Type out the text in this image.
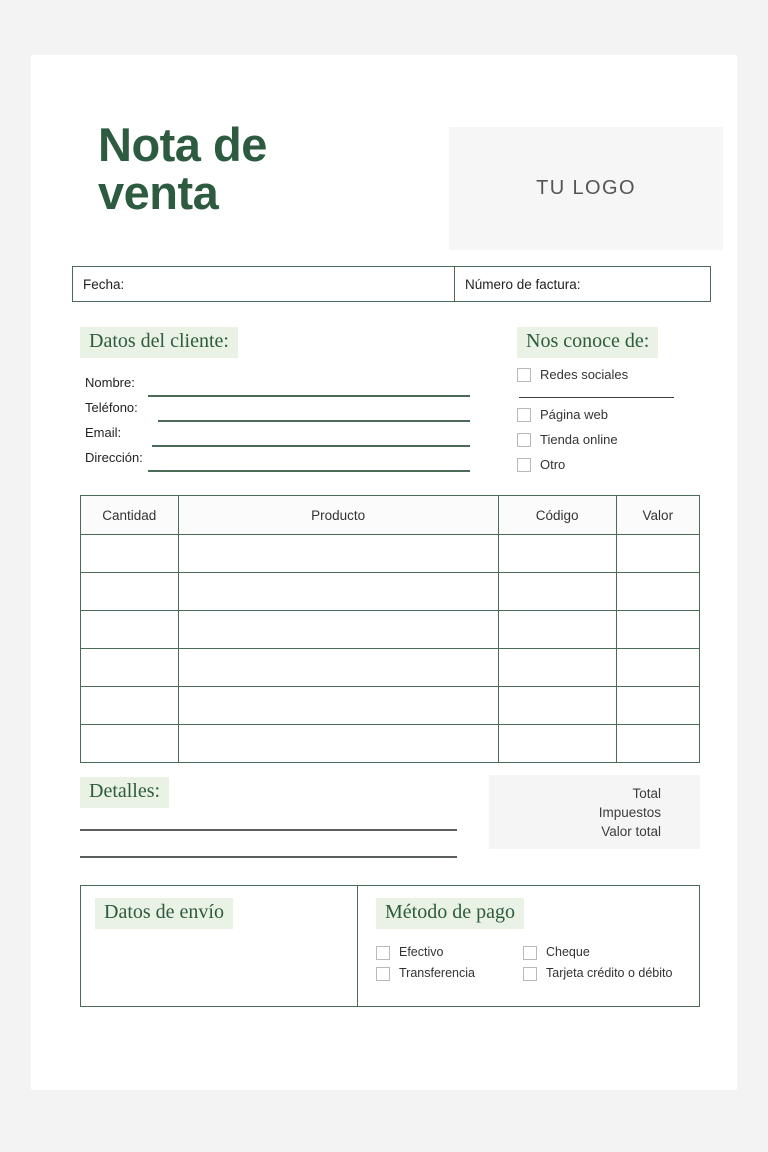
Nota de
venta	TU LOGO
Fecha:	Número de factura:
Datos del cliente:
Nombre:
Teléfono:
Email:
Dirección:
Nos conoce de:
Redes sociales
Página web
Tienda online
Otro
Cantidad	Producto	Código	Valor

Detalles:	Total
Impuestos
Valor total
Datos de envío	Método de pago
Efectivo
Transferencia
Cheque
Tarjeta crédito o débito
